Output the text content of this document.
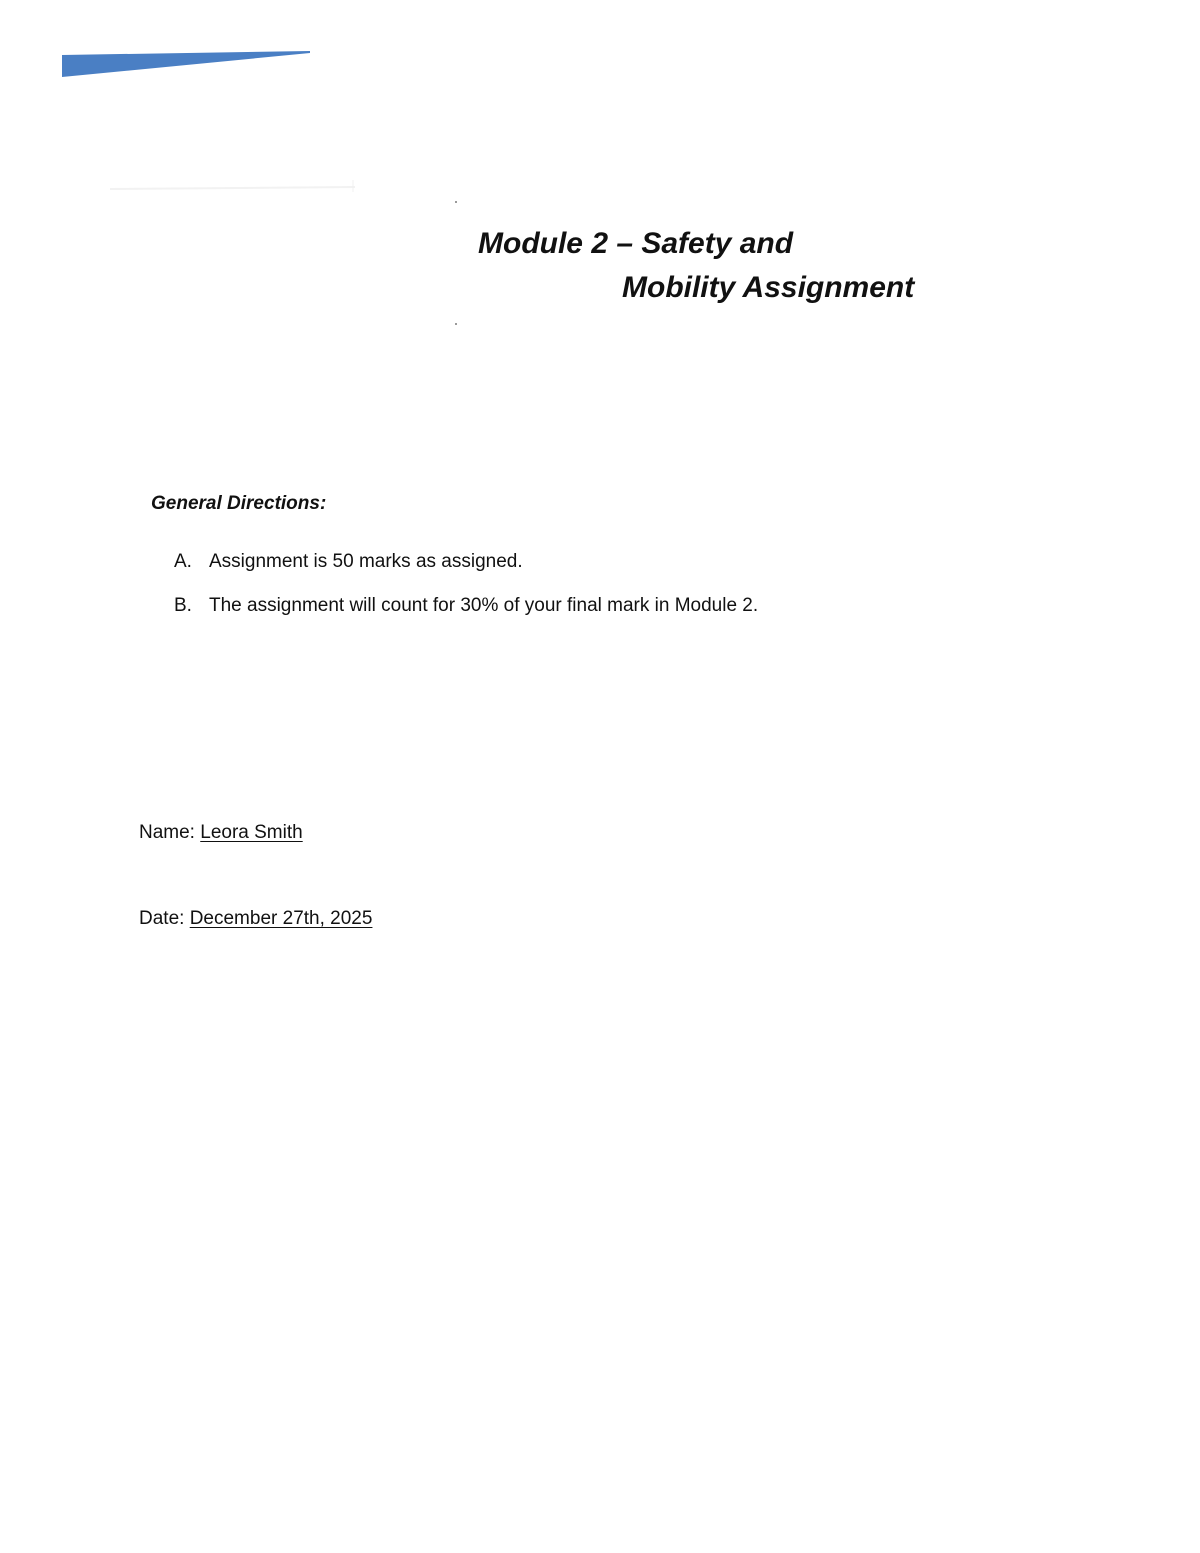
Module 2 – Safety and
Mobility Assignment
General Directions:
A. Assignment is 50 marks as assigned.
B. The assignment will count for 30% of your final mark in Module 2.

Name: Leora Smith

Date: December 27th, 2025
